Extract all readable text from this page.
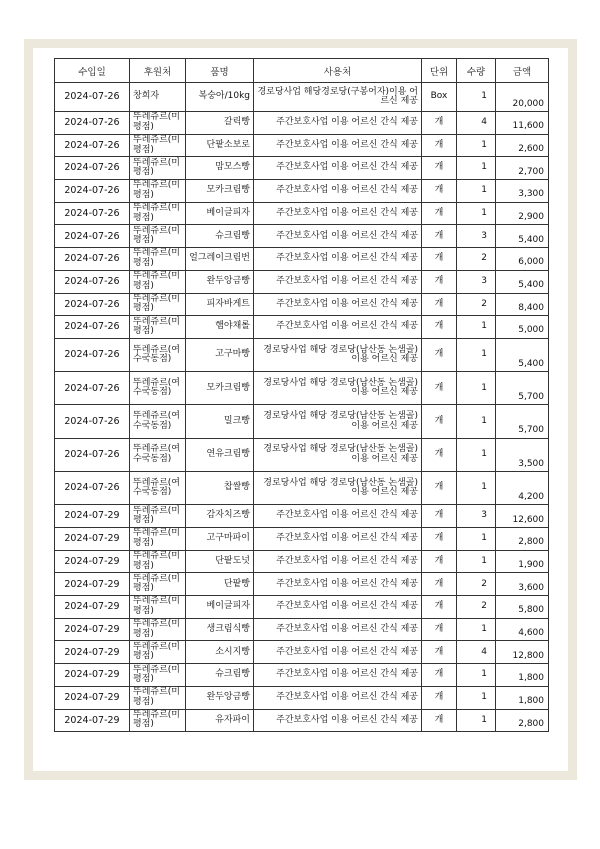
수입일	후원처	품명	사용처	단위	수량	금액
2024-07-26	창희자	복숭아/10kg	경로당사업 해당경로당(구봉어자)이용 어르신 제공	Box	1	20,000
2024-07-26	뚜레쥬르(미평점)	갈릭빵	주간보호사업 이용 어르신 간식 제공	개	4	11,600
2024-07-26	뚜레쥬르(미평점)	단팥소보로	주간보호사업 이용 어르신 간식 제공	개	1	2,600
2024-07-26	뚜레쥬르(미평점)	맘모스빵	주간보호사업 이용 어르신 간식 제공	개	1	2,700
2024-07-26	뚜레쥬르(미평점)	모카크림빵	주간보호사업 이용 어르신 간식 제공	개	1	3,300
2024-07-26	뚜레쥬르(미평점)	베이글피자	주간보호사업 이용 어르신 간식 제공	개	1	2,900
2024-07-26	뚜레쥬르(미평점)	슈크림빵	주간보호사업 이용 어르신 간식 제공	개	3	5,400
2024-07-26	뚜레쥬르(미평점)	얼그레이크림번	주간보호사업 이용 어르신 간식 제공	개	2	6,000
2024-07-26	뚜레쥬르(미평점)	완두앙금빵	주간보호사업 이용 어르신 간식 제공	개	3	5,400
2024-07-26	뚜레쥬르(미평점)	피자바게트	주간보호사업 이용 어르신 간식 제공	개	2	8,400
2024-07-26	뚜레쥬르(미평점)	햄야채롤	주간보호사업 이용 어르신 간식 제공	개	1	5,000
2024-07-26	뚜레쥬르(여수국동점)	고구마빵	경로당사업 해당 경로당(남산동 논샘골)이용 어르신 제공	개	1	5,400
2024-07-26	뚜레쥬르(여수국동점)	모카크림빵	경로당사업 해당 경로당(남산동 논샘골)이용 어르신 제공	개	1	5,700
2024-07-26	뚜레쥬르(여수국동점)	밀크빵	경로당사업 해당 경로당(남산동 논샘골)이용 어르신 제공	개	1	5,700
2024-07-26	뚜레쥬르(여수국동점)	연유크림빵	경로당사업 해당 경로당(남산동 논샘골)이용 어르신 제공	개	1	3,500
2024-07-26	뚜레쥬르(여수국동점)	찹쌀빵	경로당사업 해당 경로당(남산동 논샘골)이용 어르신 제공	개	1	4,200
2024-07-29	뚜레쥬르(미평점)	감자치즈빵	주간보호사업 이용 어르신 간식 제공	개	3	12,600
2024-07-29	뚜레쥬르(미평점)	고구마파이	주간보호사업 이용 어르신 간식 제공	개	1	2,800
2024-07-29	뚜레쥬르(미평점)	단팥도넛	주간보호사업 이용 어르신 간식 제공	개	1	1,900
2024-07-29	뚜레쥬르(미평점)	단팥빵	주간보호사업 이용 어르신 간식 제공	개	2	3,600
2024-07-29	뚜레쥬르(미평점)	베이글피자	주간보호사업 이용 어르신 간식 제공	개	2	5,800
2024-07-29	뚜레쥬르(미평점)	생크림식빵	주간보호사업 이용 어르신 간식 제공	개	1	4,600
2024-07-29	뚜레쥬르(미평점)	소시지빵	주간보호사업 이용 어르신 간식 제공	개	4	12,800
2024-07-29	뚜레쥬르(미평점)	슈크림빵	주간보호사업 이용 어르신 간식 제공	개	1	1,800
2024-07-29	뚜레쥬르(미평점)	완두앙금빵	주간보호사업 이용 어르신 간식 제공	개	1	1,800
2024-07-29	뚜레쥬르(미평점)	유자파이	주간보호사업 이용 어르신 간식 제공	개	1	2,800
